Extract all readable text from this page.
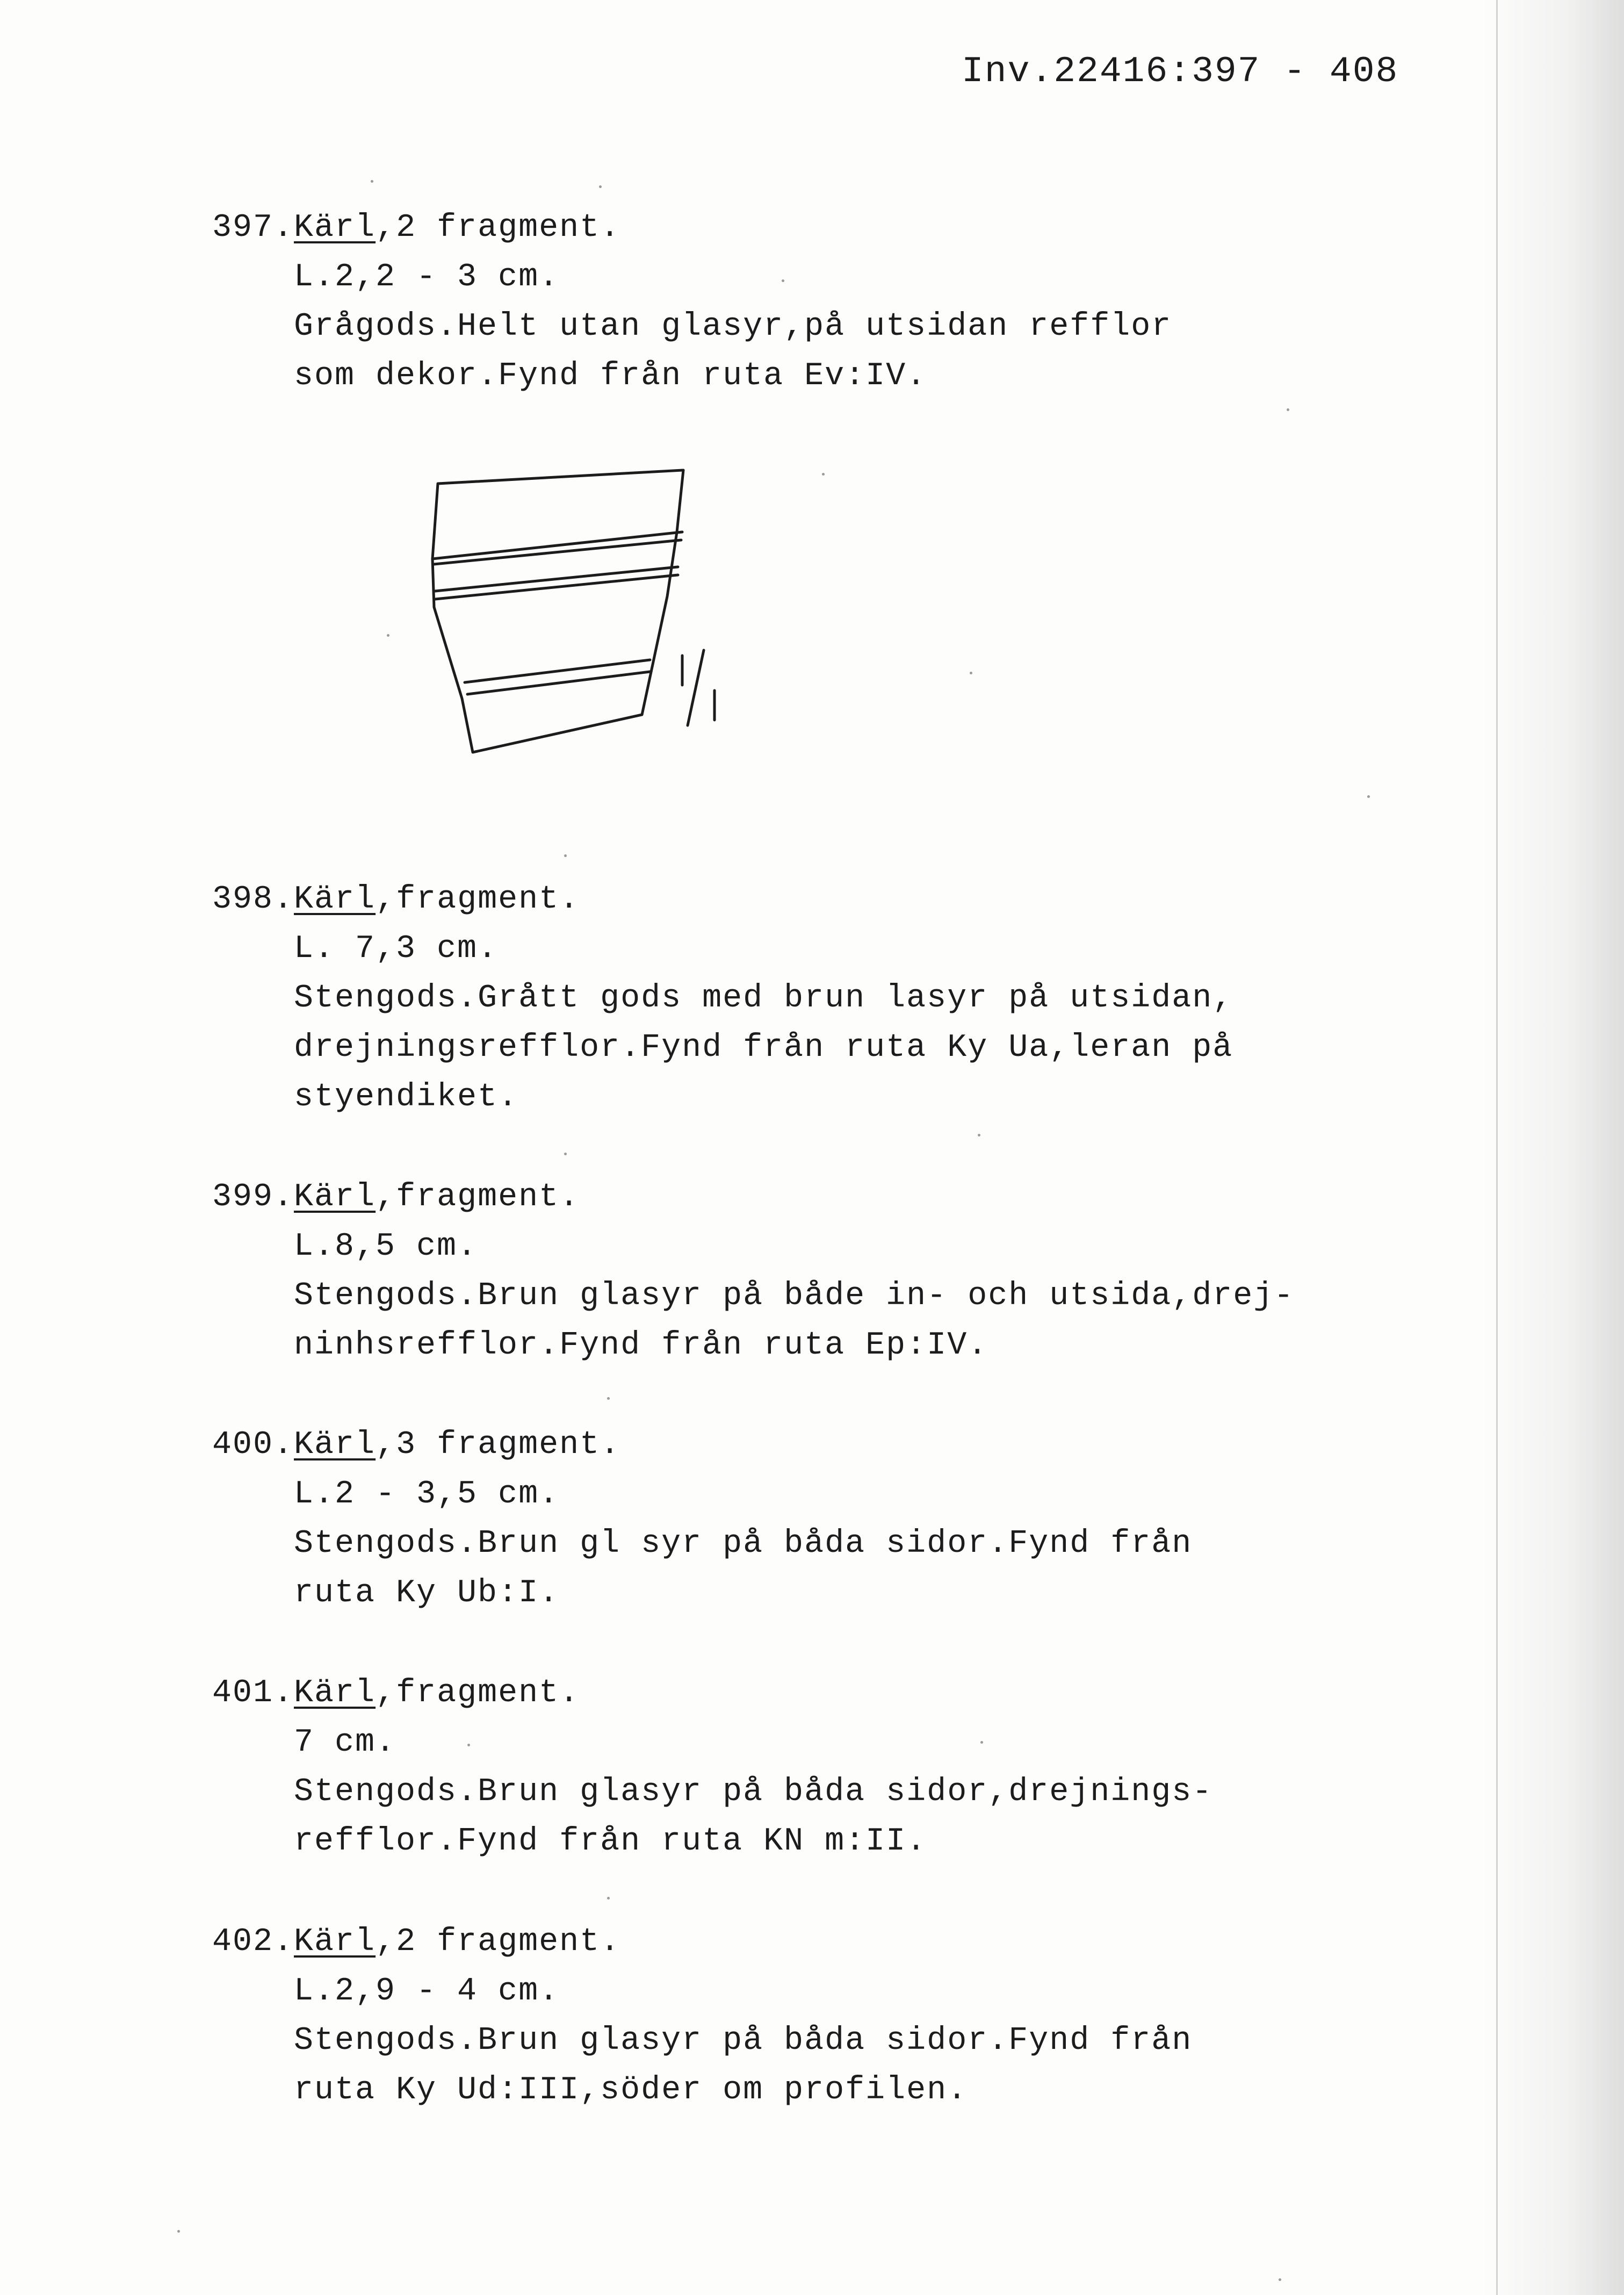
Inv.22416:397 - 408
397.Kärl,2 fragment.
L.2,2 - 3 cm.
Grågods.Helt utan glasyr,på utsidan refflor
som dekor.Fynd från ruta Ev:IV.
398.Kärl,fragment.
L. 7,3 cm.
Stengods.Grått gods med brun lasyr på utsidan,
drejningsrefflor.Fynd från ruta Ky Ua,leran på
styendiket.
399.Kärl,fragment.
L.8,5 cm.
Stengods.Brun glasyr på både in- och utsida,drej-
ninhsrefflor.Fynd från ruta Ep:IV.
400.Kärl,3 fragment.
L.2 - 3,5 cm.
Stengods.Brun gl syr på båda sidor.Fynd från
ruta Ky Ub:I.
401.Kärl,fragment.
7 cm.
Stengods.Brun glasyr på båda sidor,drejnings-
refflor.Fynd från ruta KN m:II.
402.Kärl,2 fragment.
L.2,9 - 4 cm.
Stengods.Brun glasyr på båda sidor.Fynd från
ruta Ky Ud:III,söder om profilen.
